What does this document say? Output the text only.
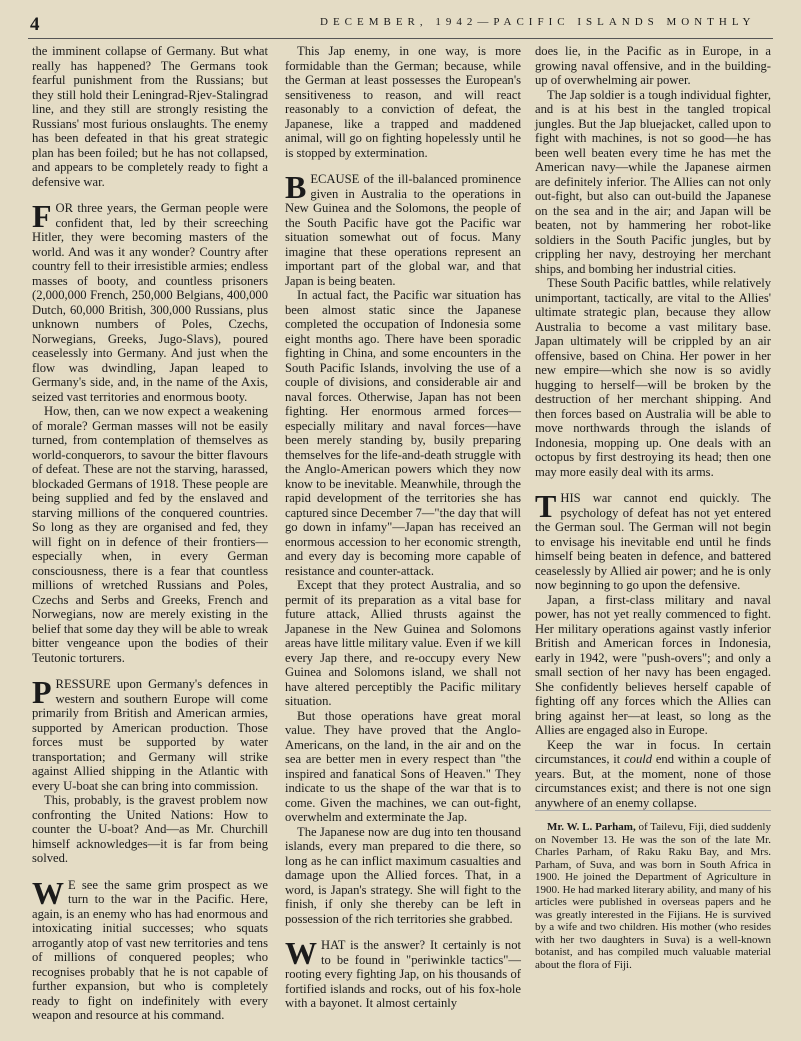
4	DECEMBER, 1942—PACIFIC ISLANDS MONTHLY

the imminent collapse of Germany. But what really has happened? The Germans took fearful punishment from the Russians; but they still hold their Leningrad-Rjev-Stalingrad line, and they still are strongly resisting the Russians' most furious onslaughts. The enemy has been defeated in that his great strategic plan has been foiled; but he has not collapsed, and appears to be completely ready to fight a defensive war.

FOR three years, the German people were confident that, led by their screeching Hitler, they were becoming masters of the world. And was it any wonder? Country after country fell to their irresistible armies; endless masses of booty, and countless prisoners (2,000,000 French, 250,000 Belgians, 400,000 Dutch, 60,000 British, 300,000 Russians, plus unknown numbers of Poles, Czechs, Norwegians, Greeks, Jugo-Slavs), poured ceaselessly into Germany. And just when the flow was dwindling, Japan leaped to Germany's side, and, in the name of the Axis, seized vast territories and enormous booty.

How, then, can we now expect a weakening of morale? German masses will not be easily turned, from contemplation of themselves as world-conquerors, to savour the bitter flavours of defeat. These are not the starving, harassed, blockaded Germans of 1918. These people are being supplied and fed by the enslaved and starving millions of the conquered countries. So long as they are organised and fed, they will fight on in defence of their frontiers—especially when, in every German consciousness, there is a fear that countless millions of wretched Russians and Poles, Czechs and Serbs and Greeks, French and Norwegians, now are merely existing in the belief that some day they will be able to wreak bitter vengeance upon the bodies of their Teutonic torturers.

PRESSURE upon Germany's defences in western and southern Europe will come primarily from British and American armies, supported by American production. Those forces must be supported by water transportation; and Germany will strike against Allied shipping in the Atlantic with every U-boat she can bring into commission.

This, probably, is the gravest problem now confronting the United Nations: How to counter the U-boat? And—as Mr. Churchill himself acknowledges—it is far from being solved.

W E see the same grim prospect as we turn to the war in the Pacific. Here, again, is an enemy who has had enormous and intoxicating initial successes; who squats arrogantly atop of vast new territories and tens of millions of conquered peoples; who recognises probably that he is not capable of further expansion, but who is completely ready to fight on indefinitely with every weapon and resource at his command.

This Jap enemy, in one way, is more formidable than the German; because, while the German at least possesses the European's sensitiveness to reason, and will react reasonably to a conviction of defeat, the Japanese, like a trapped and maddened animal, will go on fighting hopelessly until he is stopped by extermination.

BECAUSE of the ill-balanced prominence given in Australia to the operations in New Guinea and the Solomons, the people of the South Pacific have got the Pacific war situation somewhat out of focus. Many imagine that these operations represent an important part of the global war, and that Japan is being beaten.

In actual fact, the Pacific war situation has been almost static since the Japanese completed the occupation of Indonesia some eight months ago. There have been sporadic fighting in China, and some encounters in the South Pacific Islands, involving the use of a couple of divisions, and considerable air and naval forces. Otherwise, Japan has not been fighting. Her enormous armed forces—especially military and naval forces—have been merely standing by, busily preparing themselves for the life-and-death struggle with the Anglo-American powers which they now know to be inevitable. Meanwhile, through the rapid development of the territories she has captured since December 7—"the day that will go down in infamy"—Japan has received an enormous accession to her economic strength, and every day is becoming more capable of resistance and counter-attack.

Except that they protect Australia, and so permit of its preparation as a vital base for future attack, Allied thrusts against the Japanese in the New Guinea and Solomons areas have little military value. Even if we kill every Jap there, and re-occupy every New Guinea and Solomons island, we shall not have altered perceptibly the Pacific military situation.

But those operations have great moral value. They have proved that the Anglo-Americans, on the land, in the air and on the sea are better men in every respect than "the inspired and fanatical Sons of Heaven." They indicate to us the shape of the war that is to come. Given the machines, we can out-fight, overwhelm and exterminate the Jap.

The Japanese now are dug into ten thousand islands, every man prepared to die there, so long as he can inflict maximum casualties and damage upon the Allied forces. That, in a word, is Japan's strategy. She will fight to the finish, if only she thereby can be left in possession of the rich territories she grabbed.

WHAT is the answer? It certainly is not to be found in "periwinkle tactics"—rooting every fighting Jap, on his thousands of fortified islands and rocks, out of his fox-hole with a bayonet. It almost certainly

does lie, in the Pacific as in Europe, in a growing naval offensive, and in the building-up of overwhelming air power.

The Jap soldier is a tough individual fighter, and is at his best in the tangled tropical jungles. But the Jap bluejacket, called upon to fight with machines, is not so good—he has been well beaten every time he has met the American navy—while the Japanese airmen are definitely inferior. The Allies can not only out-fight, but also can out-build the Japanese on the sea and in the air; and Japan will be beaten, not by hammering her robot-like soldiers in the South Pacific jungles, but by crippling her navy, destroying her merchant ships, and bombing her industrial cities.

These South Pacific battles, while relatively unimportant, tactically, are vital to the Allies' ultimate strategic plan, because they allow Australia to become a vast military base. Japan ultimately will be crippled by an air offensive, based on China. Her power in her new empire—which she now is so avidly hugging to herself—will be broken by the destruction of her merchant shipping. And then forces based on Australia will be able to move northwards through the islands of Indonesia, mopping up. One deals with an octopus by first destroying its head; then one may more easily deal with its arms.

THIS war cannot end quickly. The psychology of defeat has not yet entered the German soul. The German will not begin to envisage his inevitable end until he finds himself being beaten in defence, and battered ceaselessly by Allied air power; and he is only now beginning to go upon the defensive.

Japan, a first-class military and naval power, has not yet really commenced to fight. Her military operations against vastly inferior British and American forces in Indonesia, early in 1942, were "push-overs"; and only a small section of her navy has been engaged. She confidently believes herself capable of fighting off any forces which the Allies can bring against her—at least, so long as the Allies are engaged also in Europe.

Keep the war in focus. In certain circumstances, it could end within a couple of years. But, at the moment, none of those circumstances exist; and there is not one sign anywhere of an enemy collapse.

Mr. W. L. Parham, of Tailevu, Fiji, died suddenly on November 13. He was the son of the late Mr. Charles Parham, of Raku Raku Bay, and Mrs. Parham, of Suva, and was born in South Africa in 1900. He joined the Department of Agriculture in 1900. He had marked literary ability, and many of his articles were published in overseas papers and he was greatly interested in the Fijians. He is survived by a wife and two children. His mother (who resides with her two daughters in Suva) is a well-known botanist, and has compiled much valuable material about the flora of Fiji.
